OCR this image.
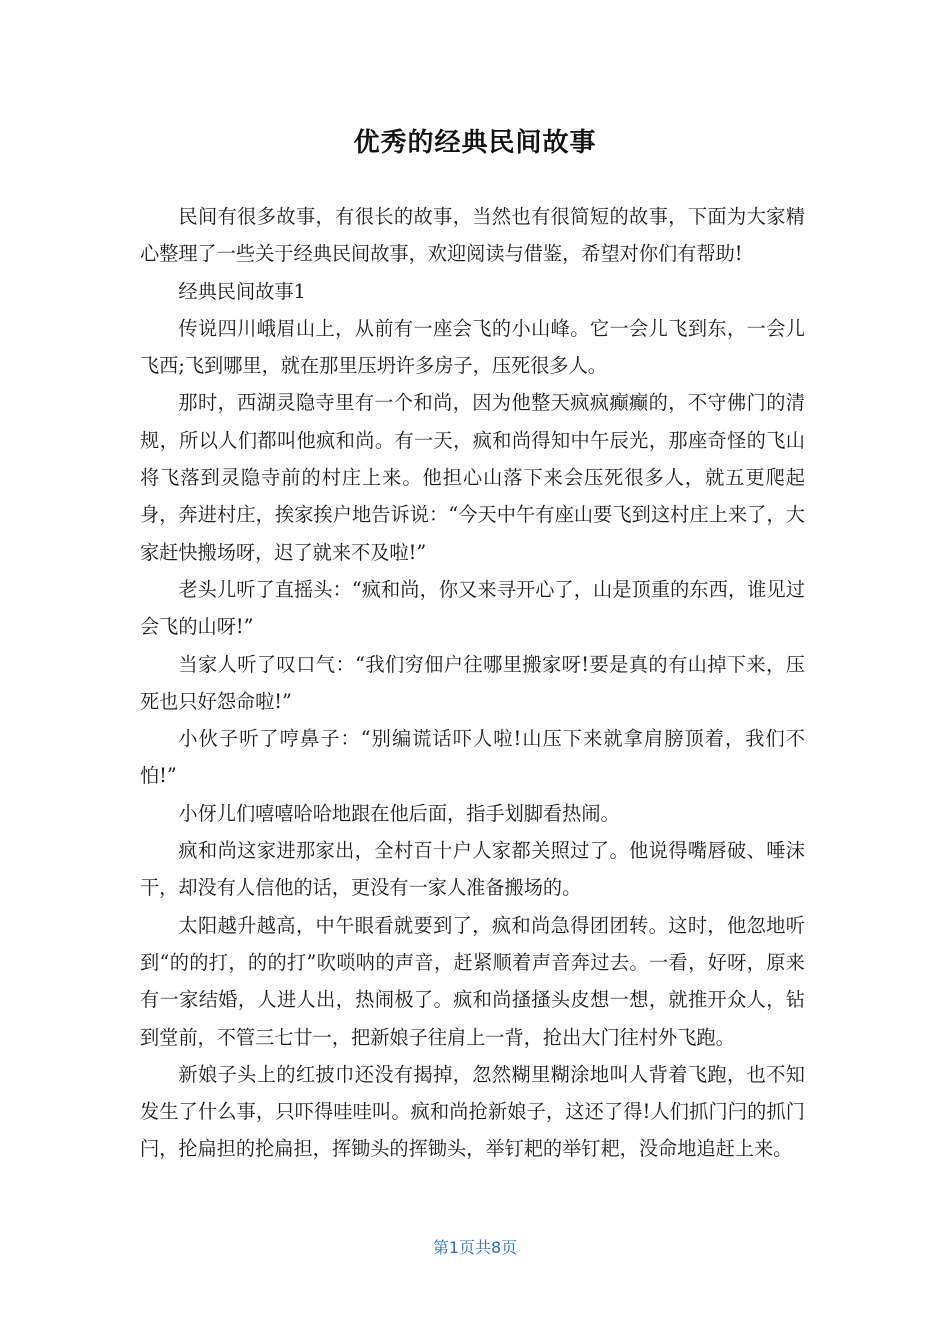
优秀的经典民间故事

民间有很多故事，有很长的故事，当然也有很简短的故事，下面为大家精心整理了一些关于经典民间故事，欢迎阅读与借鉴，希望对你们有帮助!

经典民间故事1

传说四川峨眉山上，从前有一座会飞的小山峰。它一会儿飞到东，一会儿飞西;飞到哪里，就在那里压坍许多房子，压死很多人。

那时，西湖灵隐寺里有一个和尚，因为他整天疯疯癫癫的，不守佛门的清规，所以人们都叫他疯和尚。有一天，疯和尚得知中午辰光，那座奇怪的飞山将飞落到灵隐寺前的村庄上来。他担心山落下来会压死很多人，就五更爬起身，奔进村庄，挨家挨户地告诉说：“今天中午有座山要飞到这村庄上来了，大家赶快搬场呀，迟了就来不及啦!”

老头儿听了直摇头：“疯和尚，你又来寻开心了，山是顶重的东西，谁见过会飞的山呀!”

当家人听了叹口气：“我们穷佃户往哪里搬家呀!要是真的有山掉下来，压死也只好怨命啦!”

小伙子听了哼鼻子：“别编谎话吓人啦!山压下来就拿肩膀顶着，我们不怕!”

小伢儿们嘻嘻哈哈地跟在他后面，指手划脚看热闹。

疯和尚这家进那家出，全村百十户人家都关照过了。他说得嘴唇破、唾沫干，却没有人信他的话，更没有一家人准备搬场的。

太阳越升越高，中午眼看就要到了，疯和尚急得团团转。这时，他忽地听到“的的打，的的打”吹唢呐的声音，赶紧顺着声音奔过去。一看，好呀，原来有一家结婚，人进人出，热闹极了。疯和尚搔搔头皮想一想，就推开众人，钻到堂前，不管三七廿一，把新娘子往肩上一背，抢出大门往村外飞跑。

新娘子头上的红披巾还没有揭掉，忽然糊里糊涂地叫人背着飞跑，也不知发生了什么事，只吓得哇哇叫。疯和尚抢新娘子，这还了得!人们抓门闩的抓门闩，抡扁担的抡扁担，挥锄头的挥锄头，举钉耙的举钉耙，没命地追赶上来。

第1页共8页
